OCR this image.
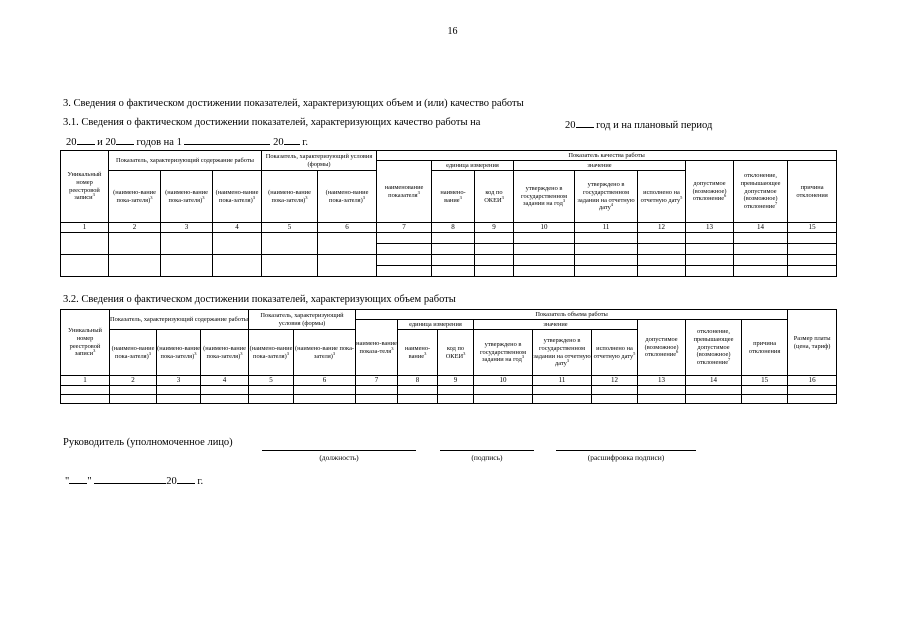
16
3. Сведения о фактическом достижении показателей, характеризующих объем и (или) качество работы
3.1. Сведения о фактическом достижении показателей, характеризующих качество работы на	20 год и на плановый период
20 и 20 годов на 1	20 г.
Уникальный номер реестровой записи$^3$	Показатель, характеризующий содержание работы			Показатель, характеризующий условия (формы)		Показатель качества работы								
						наименование показателя$^3$	единица измерения		значение			допустимое (возможное) отклонение$^6$	отклонение, превышающее допустимое (возможное) отклонение$^7$	причина отклонения
	(наимено-вание пока-зателя)$^3$	(наимено-вание пока-зателя)$^3$	(наимено-вание пока-зателя)$^3$	(наимено-вание пока-зателя)$^3$	(наимено-вание пока-зателя)$^3$		наимено-вание$^3$	код по ОКЕИ$^3$	утверждено в государственном задании на год$^3$	утверждено в государственном задании на отчетную дату$^4$	исполнено на отчетную дату$^5$
1	2	3	4	5	6	7	8	9	10	11	12	13	14	15

3.2. Сведения о фактическом достижении показателей, характеризующих объем работы
Уникальный номер реестровой записи$^3$	Показатель, характеризующий содержание работы			Показатель, характеризующий условия (формы)		Показатель объема работы									Размер платы (цена, тариф)
						наимено-вание показа-теля$^3$	единица измерения		значение			допустимое (возможное) отклонение$^6$	отклонение, превышающее допустимое (возможное) отклонение$^7$	причина отклонения	
	(наимено-вание пока-зателя)$^3$	(наимено-вание пока-зателя)$^3$	(наимено-вание пока-зателя)$^3$	(наимено-вание пока-зателя)$^3$	(наимено-вание пока-зателя)$^3$		наимено-вание$^3$	код по ОКЕИ$^3$	утверждено в государственном задании на год$^3$	утверждено в государственном задании на отчетную дату$^3$	исполнено на отчетную дату$^5$
1	2	3	4	5	6	7	8	9	10	11	12	13	14	15	16

Руководитель (уполномоченное лицо)
(должность)	(подпись)	(расшифровка подписи)
" "	20 г.
